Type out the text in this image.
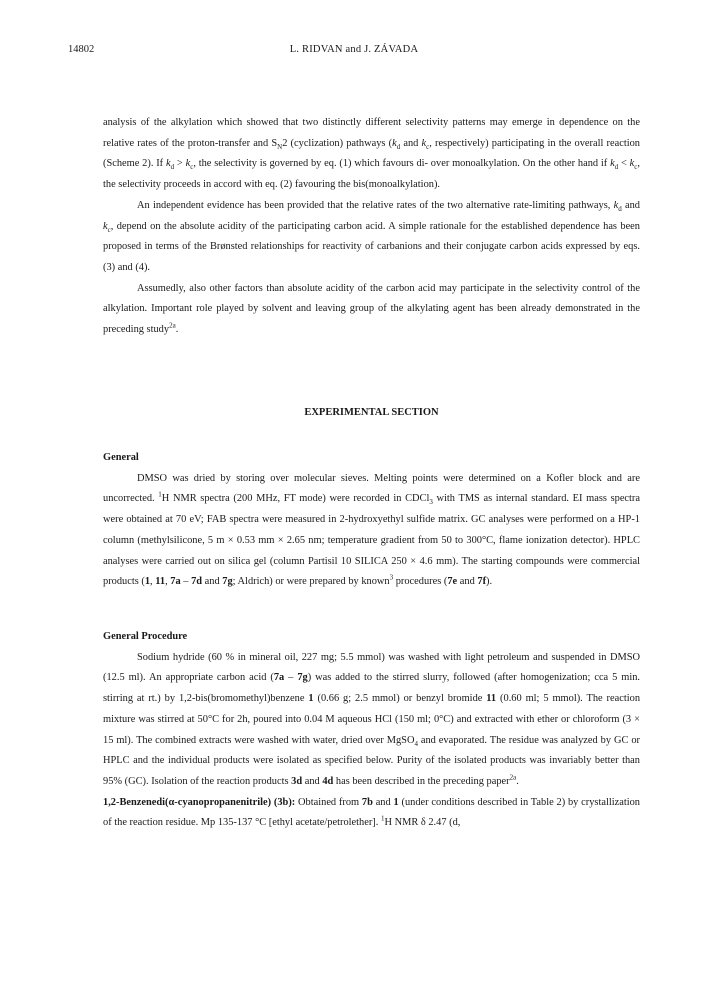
14802	L. RIDVAN and J. ZÁVADA

analysis of the alkylation which showed that two distinctly different selectivity patterns may emerge in dependence on the relative rates of the proton-transfer and $S_N2$ (cyclization) pathways ($k_d$ and $k_c$, respectively) participating in the overall reaction (Scheme 2). If $k_d > k_c$, the selectivity is governed by eq. (1) which favours di- over monoalkylation. On the other hand if $k_d < k_c$, the selectivity proceeds in accord with eq. (2) favouring the bis(monoalkylation).

An independent evidence has been provided that the relative rates of the two alternative rate-limiting pathways, $k_d$ and $k_c$, depend on the absolute acidity of the participating carbon acid. A simple rationale for the established dependence has been proposed in terms of the Brønsted relationships for reactivity of carbanions and their conjugate carbon acids expressed by eqs. (3) and (4).

Assumedly, also other factors than absolute acidity of the carbon acid may participate in the selectivity control of the alkylation. Important role played by solvent and leaving group of the alkylating agent has been already demonstrated in the preceding study$^{2a}$.

EXPERIMENTAL SECTION

General

DMSO was dried by storing over molecular sieves. Melting points were determined on a Kofler block and are uncorrected. $^1$H NMR spectra (200 MHz, FT mode) were recorded in CDCl$_3$ with TMS as internal standard. EI mass spectra were obtained at 70 eV; FAB spectra were measured in 2-hydroxyethyl sulfide matrix. GC analyses were performed on a HP-1 column (methylsilicone, 5 m × 0.53 mm × 2.65 nm; temperature gradient from 50 to 300°C, flame ionization detector). HPLC analyses were carried out on silica gel (column Partisil 10 SILICA 250 × 4.6 mm). The starting compounds were commercial products (1, 11, 7a – 7d and 7g; Aldrich) or were prepared by known$^3$ procedures (7e and 7f).

General Procedure

Sodium hydride (60 % in mineral oil, 227 mg; 5.5 mmol) was washed with light petroleum and suspended in DMSO (12.5 ml). An appropriate carbon acid (7a – 7g) was added to the stirred slurry, followed (after homogenization; cca 5 min. stirring at rt.) by 1,2-bis(bromomethyl)benzene 1 (0.66 g; 2.5 mmol) or benzyl bromide 11 (0.60 ml; 5 mmol). The reaction mixture was stirred at 50°C for 2h, poured into 0.04 M aqueous HCl (150 ml; 0°C) and extracted with ether or chloroform (3 × 15 ml). The combined extracts were washed with water, dried over MgSO$_4$ and evaporated. The residue was analyzed by GC or HPLC and the individual products were isolated as specified below. Purity of the isolated products was invariably better than 95% (GC). Isolation of the reaction products 3d and 4d has been described in the preceding paper$^{2a}$.

1,2-Benzenedi(α-cyanopropanenitrile) (3b): Obtained from 7b and 1 (under conditions described in Table 2) by crystallization of the reaction residue. Mp 135-137 °C [ethyl acetate/petrolether]. $^1$H NMR δ 2.47 (d,
